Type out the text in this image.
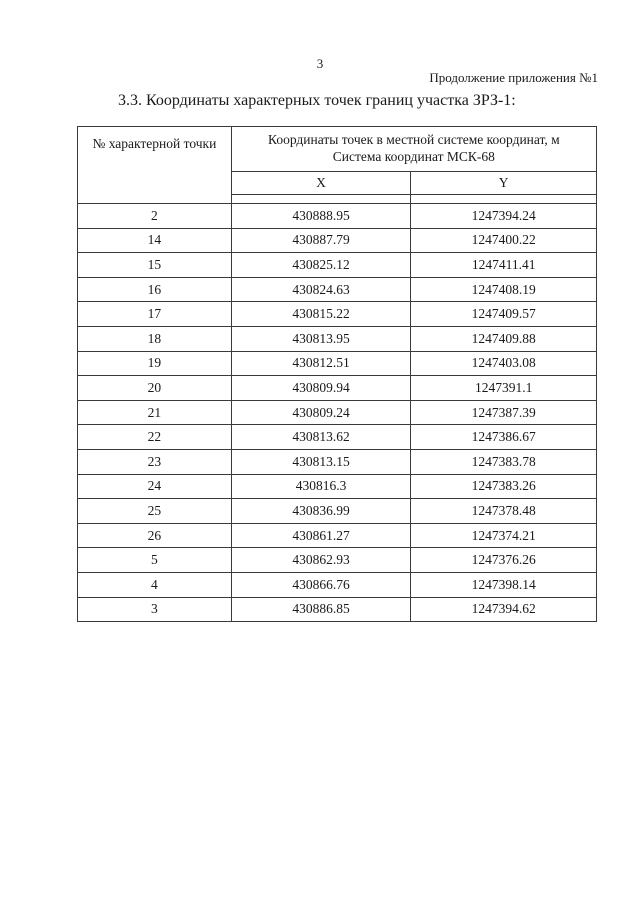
3
Продолжение приложения №1
3.3. Координаты характерных точек границ участка ЗРЗ-1:
№ характерной точки	Координаты точек в местной системе координат, м
Система координат МСК-68	

	X	Y

2	430888.95	1247394.24
14	430887.79	1247400.22
15	430825.12	1247411.41
16	430824.63	1247408.19
17	430815.22	1247409.57
18	430813.95	1247409.88
19	430812.51	1247403.08
20	430809.94	1247391.1
21	430809.24	1247387.39
22	430813.62	1247386.67
23	430813.15	1247383.78
24	430816.3	1247383.26
25	430836.99	1247378.48
26	430861.27	1247374.21
5	430862.93	1247376.26
4	430866.76	1247398.14
3	430886.85	1247394.62
